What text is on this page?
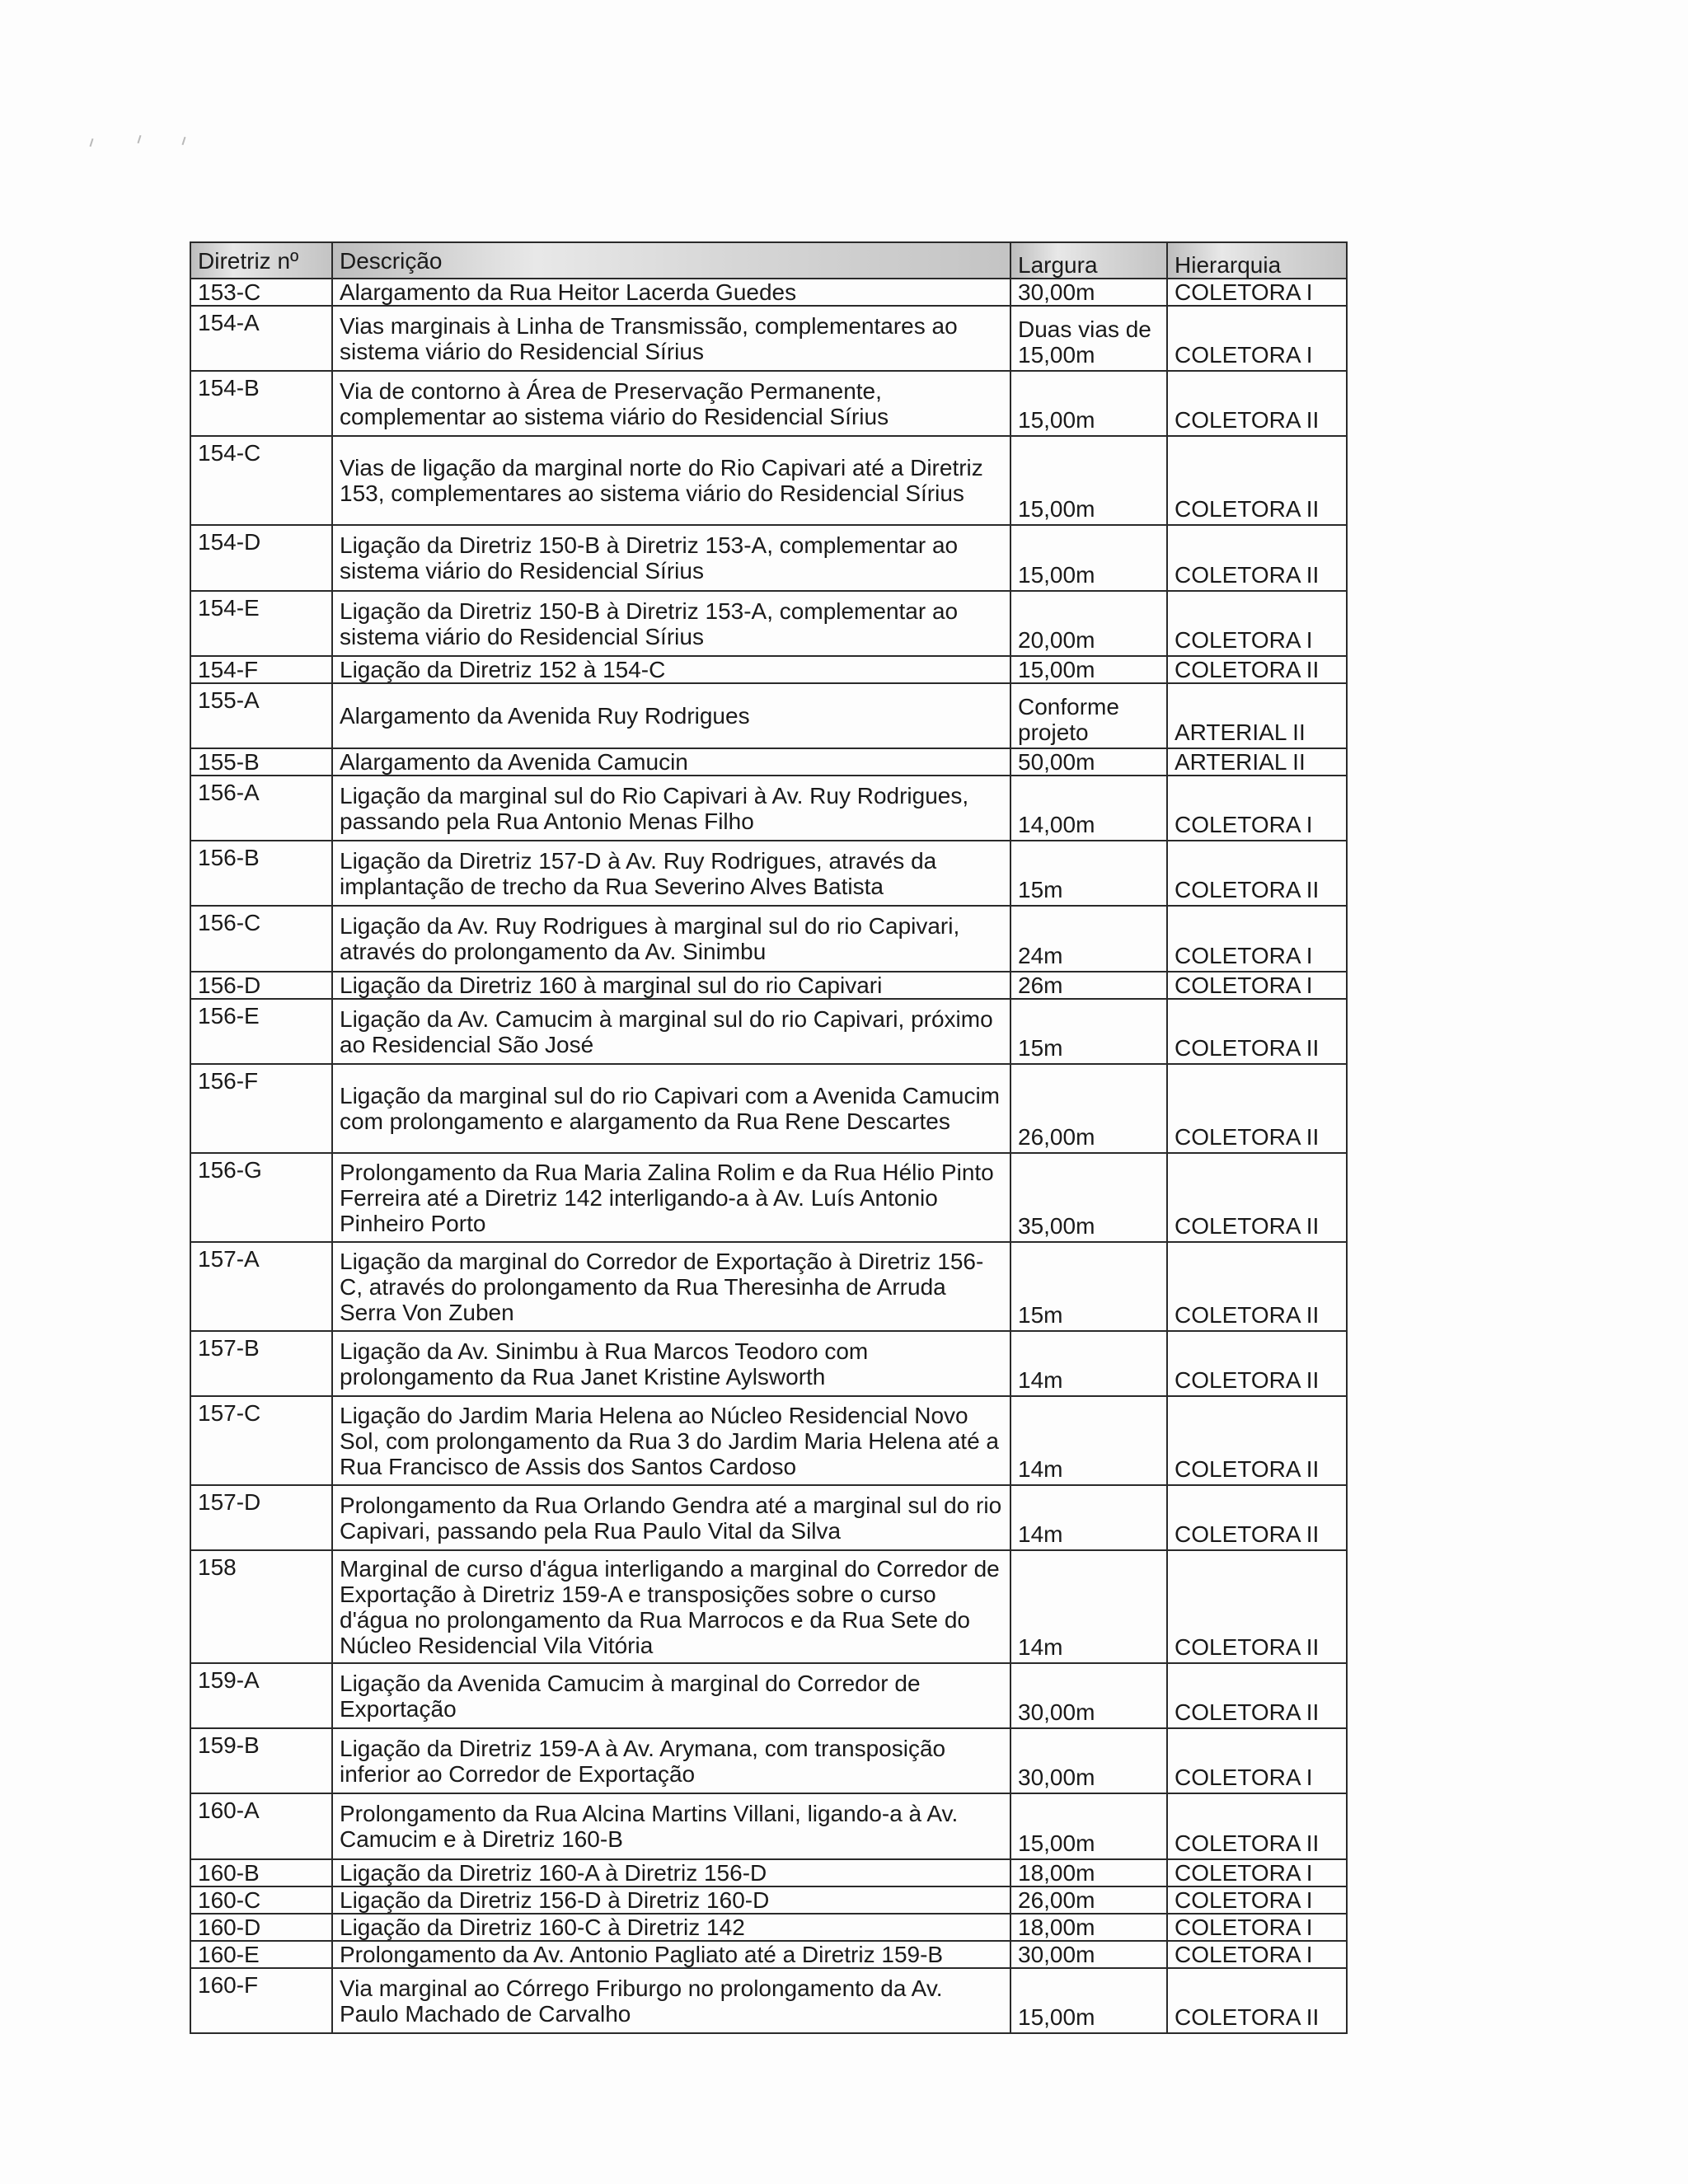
Diretriz nº	Descrição	Largura	Hierarquia
153-C	Alargamento da Rua Heitor Lacerda Guedes	30,00m	COLETORA I
154-A	Vias marginais à Linha de Transmissão, complementares ao sistema viário do Residencial Sírius	Duas vias de 15,00m	COLETORA I
154-B	Via de contorno à Área de Preservação Permanente, complementar ao sistema viário do Residencial Sírius	15,00m	COLETORA II
154-C	Vias de ligação da marginal norte do Rio Capivari até a Diretriz 153, complementares ao sistema viário do Residencial Sírius	15,00m	COLETORA II
154-D	Ligação da Diretriz 150-B à Diretriz 153-A, complementar ao sistema viário do Residencial Sírius	15,00m	COLETORA II
154-E	Ligação da Diretriz 150-B à Diretriz 153-A, complementar ao sistema viário do Residencial Sírius	20,00m	COLETORA I
154-F	Ligação da Diretriz 152 à 154-C	15,00m	COLETORA II
155-A	Alargamento da Avenida Ruy Rodrigues	Conforme projeto	ARTERIAL II
155-B	Alargamento da Avenida Camucin	50,00m	ARTERIAL II
156-A	Ligação da marginal sul do Rio Capivari à Av. Ruy Rodrigues, passando pela Rua Antonio Menas Filho	14,00m	COLETORA I
156-B	Ligação da Diretriz 157-D à Av. Ruy Rodrigues, através da implantação de trecho da Rua Severino Alves Batista	15m	COLETORA II
156-C	Ligação da Av. Ruy Rodrigues à marginal sul do rio Capivari, através do prolongamento da Av. Sinimbu	24m	COLETORA I
156-D	Ligação da Diretriz 160 à marginal sul do rio Capivari	26m	COLETORA I
156-E	Ligação da Av. Camucim à marginal sul do rio Capivari, próximo ao Residencial São José	15m	COLETORA II
156-F	Ligação da marginal sul do rio Capivari com a Avenida Camucim com prolongamento e alargamento da Rua Rene Descartes	26,00m	COLETORA II
156-G	Prolongamento da Rua Maria Zalina Rolim e da Rua Hélio Pinto Ferreira até a Diretriz 142 interligando-a à Av. Luís Antonio Pinheiro Porto	35,00m	COLETORA II
157-A	Ligação da marginal do Corredor de Exportação à Diretriz 156-C, através do prolongamento da Rua Theresinha de Arruda Serra Von Zuben	15m	COLETORA II
157-B	Ligação da Av. Sinimbu à Rua Marcos Teodoro com prolongamento da Rua Janet Kristine Aylsworth	14m	COLETORA II
157-C	Ligação do Jardim Maria Helena ao Núcleo Residencial Novo Sol, com prolongamento da Rua 3 do Jardim Maria Helena até a Rua Francisco de Assis dos Santos Cardoso	14m	COLETORA II
157-D	Prolongamento da Rua Orlando Gendra até a marginal sul do rio Capivari, passando pela Rua Paulo Vital da Silva	14m	COLETORA II
158	Marginal de curso d'água interligando a marginal do Corredor de Exportação à Diretriz 159-A e transposições sobre o curso d'água no prolongamento da Rua Marrocos e da Rua Sete do Núcleo Residencial Vila Vitória	14m	COLETORA II
159-A	Ligação da Avenida Camucim à marginal do Corredor de Exportação	30,00m	COLETORA II
159-B	Ligação da Diretriz 159-A à Av. Arymana, com transposição inferior ao Corredor de Exportação	30,00m	COLETORA I
160-A	Prolongamento da Rua Alcina Martins Villani, ligando-a à Av. Camucim e à Diretriz 160-B	15,00m	COLETORA II
160-B	Ligação da Diretriz 160-A à Diretriz 156-D	18,00m	COLETORA I
160-C	Ligação da Diretriz 156-D à Diretriz 160-D	26,00m	COLETORA I
160-D	Ligação da Diretriz 160-C à Diretriz 142	18,00m	COLETORA I
160-E	Prolongamento da Av. Antonio Pagliato até a Diretriz 159-B	30,00m	COLETORA I
160-F	Via marginal ao Córrego Friburgo no prolongamento da Av. Paulo Machado de Carvalho	15,00m	COLETORA II
